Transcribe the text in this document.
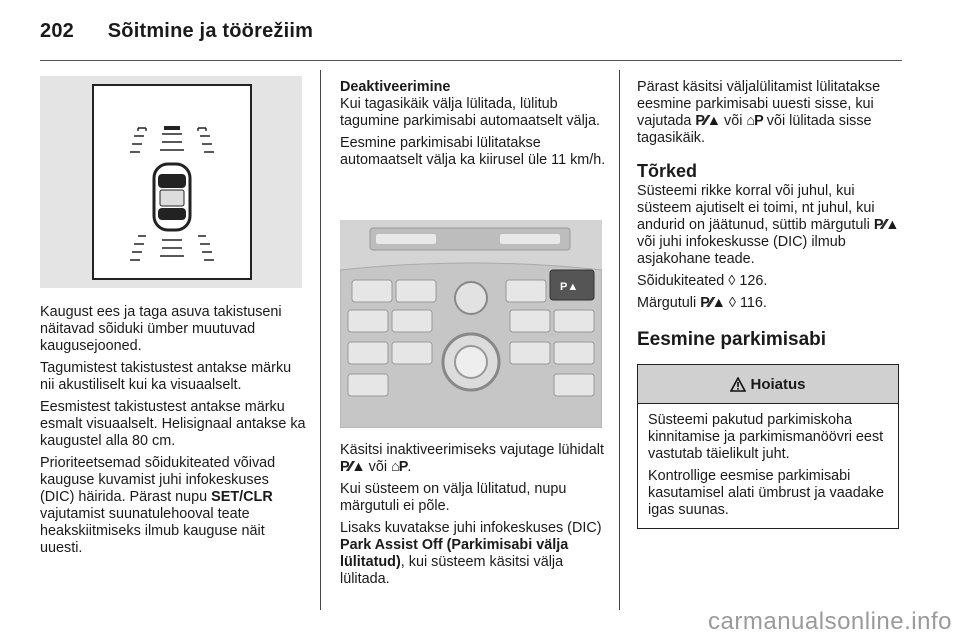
202 Sõitmine ja töörežiim

Kaugust ees ja taga asuva takistuseni näitavad sõiduki ümber muutuvad kaugusejooned.

Tagumistest takistustest antakse märku nii akustiliselt kui ka visuaalselt.

Eesmistest takistustest antakse märku esmalt visuaalselt. Helisignaal antakse ka kaugustel alla 80 cm.

Prioriteetsemad sõidukiteated võivad kauguse kuvamist juhi infokeskuses (DIC) häirida. Pärast nupu SET/CLR vajutamist suunatulehooval teate heakskiitmiseks ilmub kauguse näit uuesti.

Deaktiveerimine

Kui tagasikäik välja lülitada, lülitub tagumine parkimisabi automaatselt välja.

Eesmine parkimisabi lülitatakse automaatselt välja ka kiirusel üle 11 km/h.

P▲

Käsitsi inaktiveerimiseks vajutage lühidalt P⁄⁄▲ või ⌂P.

Kui süsteem on välja lülitatud, nupu märgutuli ei põle.

Lisaks kuvatakse juhi infokeskuses (DIC) Park Assist Off (Parkimisabi välja lülitatud), kui süsteem käsitsi välja lülitada.

Pärast käsitsi väljalülitamist lülitatakse eesmine parkimisabi uuesti sisse, kui vajutada P⁄⁄▲ või ⌂P või lülitada sisse tagasikäik.

Tõrked

Süsteemi rikke korral või juhul, kui süsteem ajutiselt ei toimi, nt juhul, kui andurid on jäätunud, süttib märgutuli P⁄⁄▲ või juhi infokeskusse (DIC) ilmub asjakohane teade.

Sõidukiteated ◊ 126.

Märgutuli P⁄⁄▲ ◊ 116.

Eesmine parkimisabi
Hoiatus

Süsteemi pakutud parkimiskoha kinnitamise ja parkimismanöövri eest vastutab täielikult juht.

Kontrollige eesmise parkimisabi kasutamisel alati ümbrust ja vaadake igas suunas.

carmanualsonline.info
